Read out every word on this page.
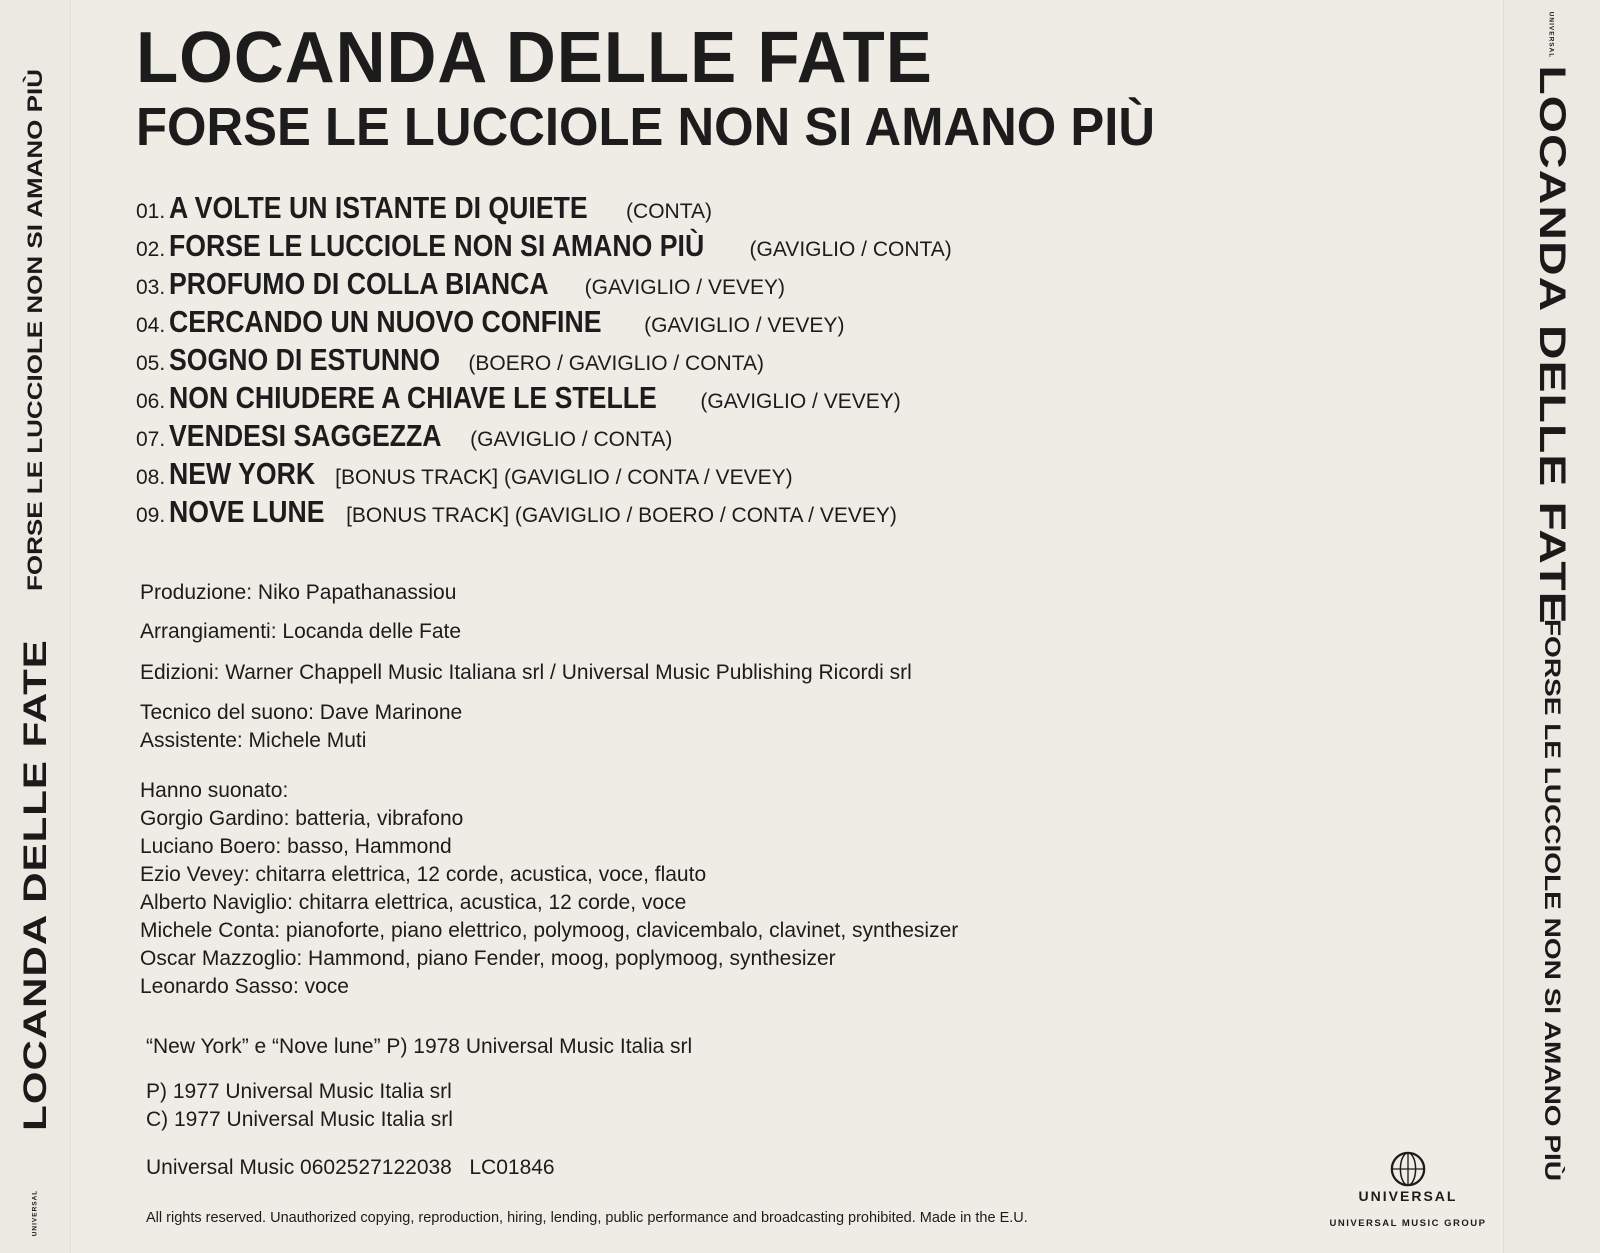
FORSE LE LUCCIOLE NON SI AMANO PIÙ
LOCANDA DELLE FATE
UNIVERSAL
UNIVERSAL
LOCANDA DELLE FATE
FORSE LE LUCCIOLE NON SI AMANO PIÙ
LOCANDA DELLE FATE
FORSE LE LUCCIOLE NON SI AMANO PIÙ
01. A VOLTE UN ISTANTE DI QUIETE (CONTA)
02. FORSE LE LUCCIOLE NON SI AMANO PIÙ (GAVIGLIO / CONTA)
03. PROFUMO DI COLLA BIANCA (GAVIGLIO / VEVEY)
04. CERCANDO UN NUOVO CONFINE (GAVIGLIO / VEVEY)
05. SOGNO DI ESTUNNO (BOERO / GAVIGLIO / CONTA)
06. NON CHIUDERE A CHIAVE LE STELLE (GAVIGLIO / VEVEY)
07. VENDESI SAGGEZZA (GAVIGLIO / CONTA)
08. NEW YORK [BONUS TRACK] (GAVIGLIO / CONTA / VEVEY)
09. NOVE LUNE [BONUS TRACK] (GAVIGLIO / BOERO / CONTA / VEVEY)
Produzione: Niko Papathanassiou
Arrangiamenti: Locanda delle Fate
Edizioni: Warner Chappell Music Italiana srl / Universal Music Publishing Ricordi srl
Tecnico del suono: Dave Marinone
Assistente: Michele Muti
Hanno suonato:
Gorgio Gardino: batteria, vibrafono
Luciano Boero: basso, Hammond
Ezio Vevey: chitarra elettrica, 12 corde, acustica, voce, flauto
Alberto Naviglio: chitarra elettrica, acustica, 12 corde, voce
Michele Conta: pianoforte, piano elettrico, polymoog, clavicembalo, clavinet, synthesizer
Oscar Mazzoglio: Hammond, piano Fender, moog, poplymoog, synthesizer
Leonardo Sasso: voce
“New York” e “Nove lune” P) 1978 Universal Music Italia srl
P) 1977 Universal Music Italia srl
C) 1977 Universal Music Italia srl
Universal Music 0602527122038   LC01846
All rights reserved. Unauthorized copying, reproduction, hiring, lending, public performance and broadcasting prohibited. Made in the E.U.
UNIVERSAL
UNIVERSAL MUSIC GROUP
